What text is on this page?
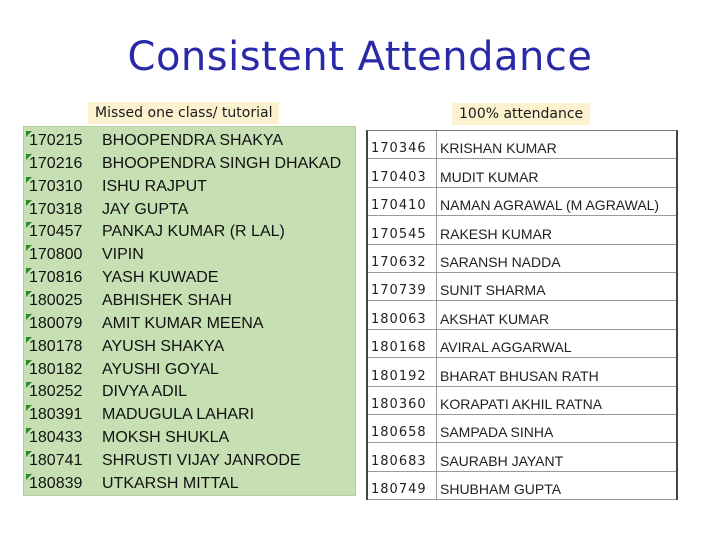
Consistent Attendance
Missed one class/ tutorial	100% attendance
170215 BHOOPENDRA SHAKYA
170216 BHOOPENDRA SINGH DHAKAD
170310 ISHU RAJPUT
170318 JAY GUPTA
170457 PANKAJ KUMAR (R LAL)
170800 VIPIN
170816 YASH KUWADE
180025 ABHISHEK SHAH
180079 AMIT KUMAR MEENA
180178 AYUSH SHAKYA
180182 AYUSHI GOYAL
180252 DIVYA ADIL
180391 MADUGULA LAHARI
180433 MOKSH SHUKLA
180741 SHRUSTI VIJAY JANRODE
180839 UTKARSH MITTAL
170346 KRISHAN KUMAR
170403 MUDIT KUMAR
170410 NAMAN AGRAWAL (M AGRAWAL)
170545 RAKESH KUMAR
170632 SARANSH NADDA
170739 SUNIT SHARMA
180063 AKSHAT KUMAR
180168 AVIRAL AGGARWAL
180192 BHARAT BHUSAN RATH
180360 KORAPATI AKHIL RATNA
180658 SAMPADA SINHA
180683 SAURABH JAYANT
180749 SHUBHAM GUPTA
